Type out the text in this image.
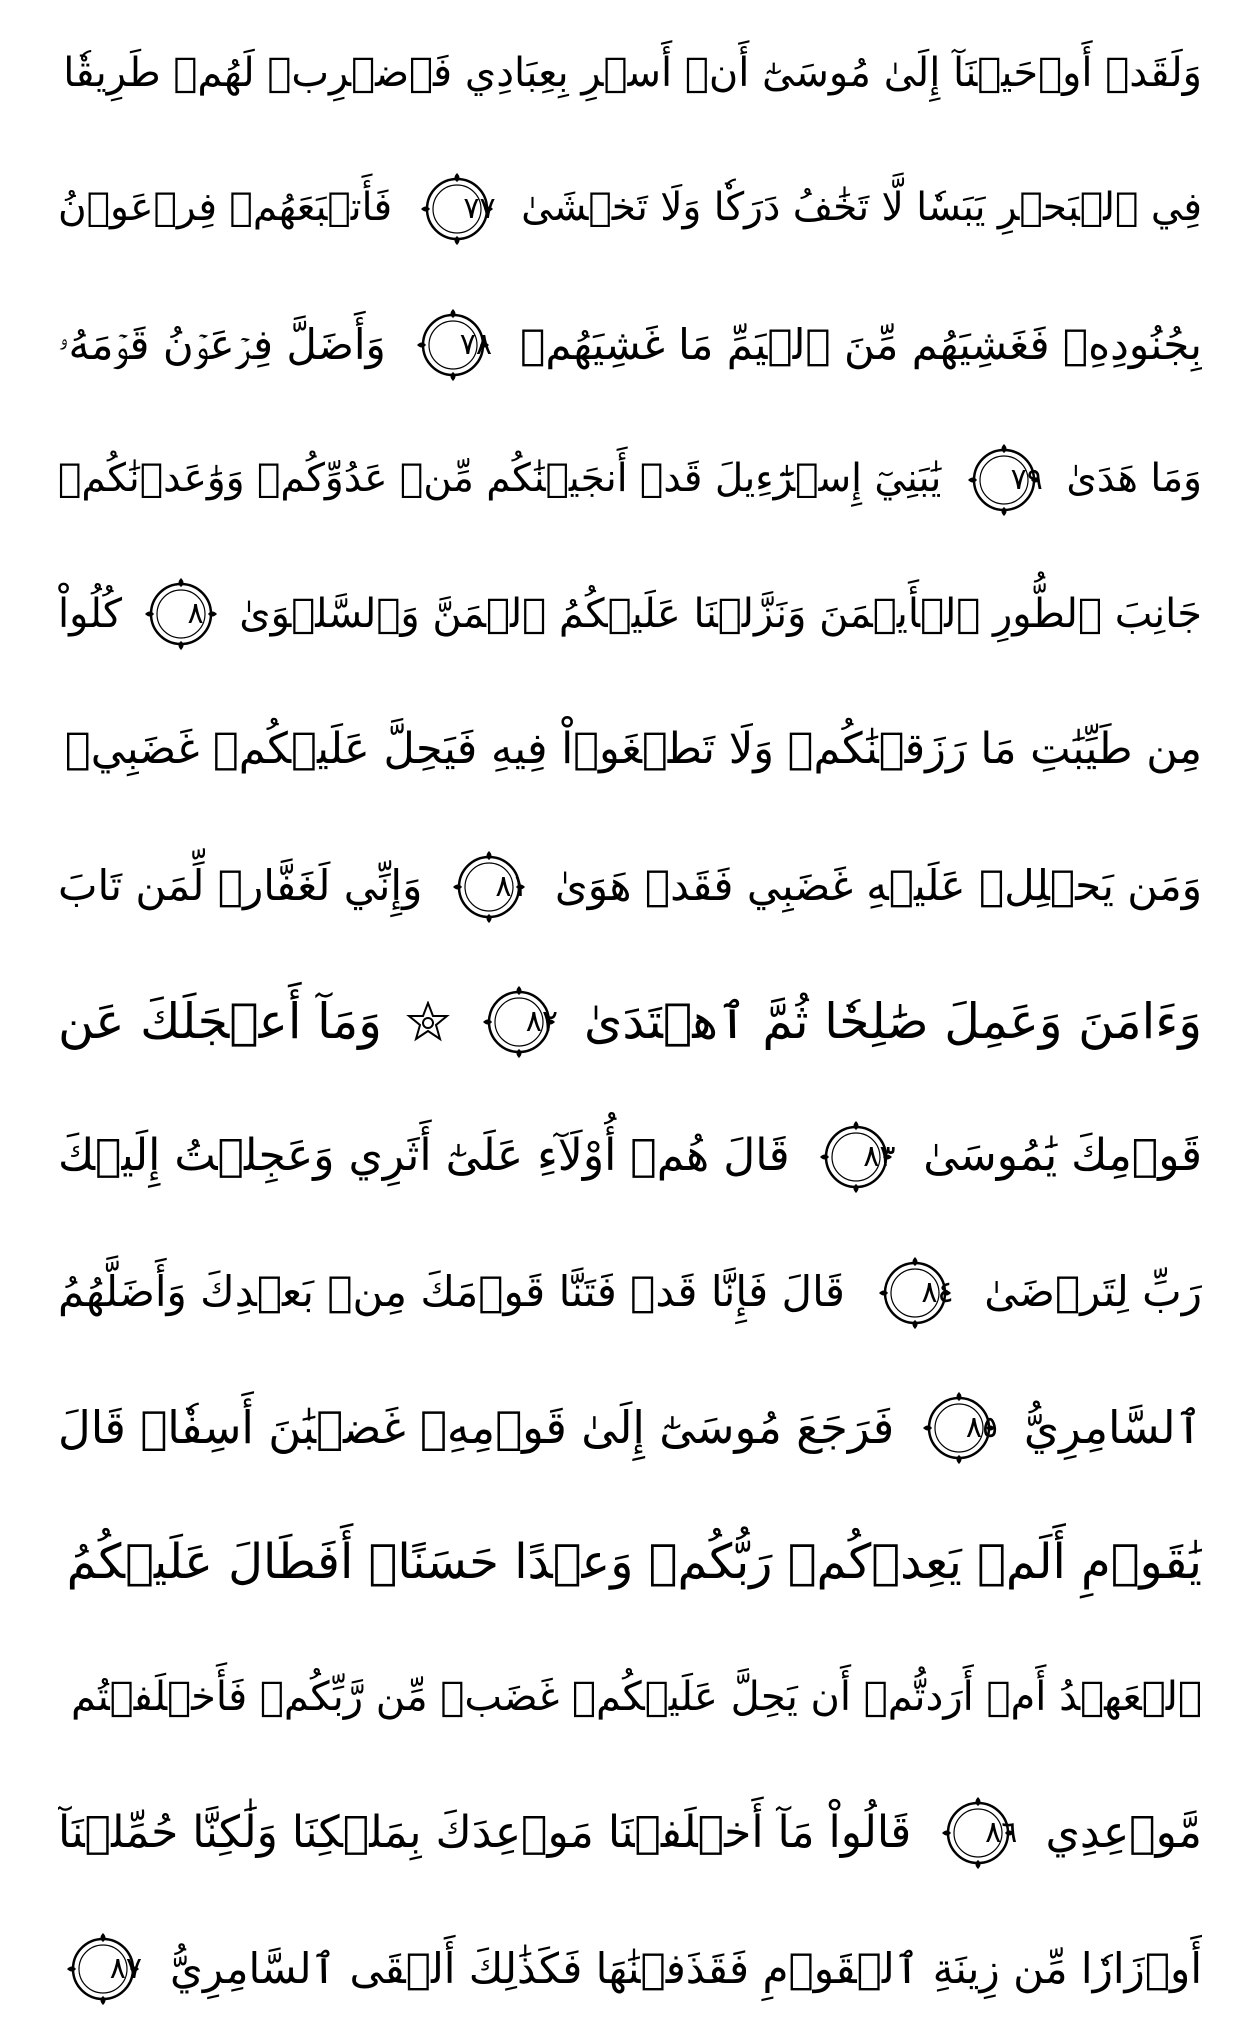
وَلَقَدۡ أَوۡحَيۡنَآ إِلَىٰ مُوسَىٰٓ أَنۡ أَسۡرِ بِعِبَادِي فَٱضۡرِبۡ لَهُمۡ طَرِيقٗا
فِي ٱلۡبَحۡرِ يَبَسٗا لَّا تَخَٰفُ دَرَكٗا وَلَا تَخۡشَىٰ
٧٧
فَأَتۡبَعَهُمۡ فِرۡعَوۡنُ
بِجُنُودِهِۦ فَغَشِيَهُم مِّنَ ٱلۡيَمِّ مَا غَشِيَهُمۡ
٧٨
وَأَضَلَّ فِرۡعَوۡنُ قَوۡمَهُۥ
وَمَا هَدَىٰ
٧٩
يَٰبَنِيٓ إِسۡرَٰٓءِيلَ قَدۡ أَنجَيۡنَٰكُم مِّنۡ عَدُوِّكُمۡ وَوَٰعَدۡنَٰكُمۡ
جَانِبَ ٱلطُّورِ ٱلۡأَيۡمَنَ وَنَزَّلۡنَا عَلَيۡكُمُ ٱلۡمَنَّ وَٱلسَّلۡوَىٰ
٨٠
كُلُواْ
مِن طَيِّبَٰتِ مَا رَزَقۡنَٰكُمۡ وَلَا تَطۡغَوۡاْ فِيهِ فَيَحِلَّ عَلَيۡكُمۡ غَضَبِيۖ
وَمَن يَحۡلِلۡ عَلَيۡهِ غَضَبِي فَقَدۡ هَوَىٰ
٨١
وَإِنِّي لَغَفَّارٞ لِّمَن تَابَ
وَءَامَنَ وَعَمِلَ صَٰلِحٗا ثُمَّ ٱهۡتَدَىٰ
٨٢
وَمَآ أَعۡجَلَكَ عَن
قَوۡمِكَ يَٰمُوسَىٰ
٨٣
قَالَ هُمۡ أُوْلَآءِ عَلَىٰٓ أَثَرِي وَعَجِلۡتُ إِلَيۡكَ
رَبِّ لِتَرۡضَىٰ
٨٤
قَالَ فَإِنَّا قَدۡ فَتَنَّا قَوۡمَكَ مِنۢ بَعۡدِكَ وَأَضَلَّهُمُ
ٱلسَّامِرِيُّ
٨٥
فَرَجَعَ مُوسَىٰٓ إِلَىٰ قَوۡمِهِۦ غَضۡبَٰنَ أَسِفٗاۚ قَالَ
يَٰقَوۡمِ أَلَمۡ يَعِدۡكُمۡ رَبُّكُمۡ وَعۡدًا حَسَنًاۚ أَفَطَالَ عَلَيۡكُمُ
ٱلۡعَهۡدُ أَمۡ أَرَدتُّمۡ أَن يَحِلَّ عَلَيۡكُمۡ غَضَبٞ مِّن رَّبِّكُمۡ فَأَخۡلَفۡتُم
مَّوۡعِدِي
٨٦
قَالُواْ مَآ أَخۡلَفۡنَا مَوۡعِدَكَ بِمَلۡكِنَا وَلَٰكِنَّا حُمِّلۡنَآ
أَوۡزَارٗا مِّن زِينَةِ ٱلۡقَوۡمِ فَقَذَفۡنَٰهَا فَكَذَٰلِكَ أَلۡقَى ٱلسَّامِرِيُّ
٨٧
